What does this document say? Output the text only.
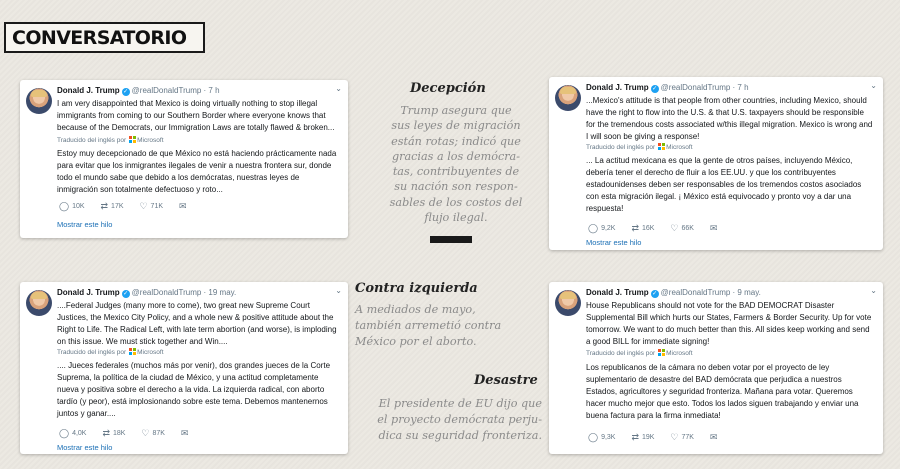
CONVERSATORIO
Donald J. Trump ✓ @realDonaldTrump · 7 h	⌄
I am very disappointed that Mexico is doing virtually nothing to stop illegal immigrants from coming to our Southern Border where everyone knows that because of the Democrats, our Immigration Laws are totally flawed & broken...
Traducido del inglés por Microsoft
Estoy muy decepcionado de que México no está haciendo prácticamente nada para evitar que los inmigrantes ilegales de venir a nuestra frontera sur, donde todo el mundo sabe que debido a los demócratas, nuestras leyes de inmigración son totalmente defectuoso y roto...
◯ 10K ⇄ 17K ♡ 71K ✉
Mostrar este hilo
Donald J. Trump ✓ @realDonaldTrump · 7 h	⌄
...Mexico's attitude is that people from other countries, including Mexico, should have the right to flow into the U.S. & that U.S. taxpayers should be responsible for the tremendous costs associated w/this illegal migration. Mexico is wrong and I will soon be giving a response!
Traducido del inglés por Microsoft
... La actitud mexicana es que la gente de otros países, incluyendo México, debería tener el derecho de fluir a los EE.UU. y que los contribuyentes estadounidenses deben ser responsables de los tremendos costos asociados con esta migración ilegal. ¡ México está equivocado y pronto voy a dar una respuesta!
◯ 9,2K ⇄ 16K ♡ 66K ✉
Mostrar este hilo
Donald J. Trump ✓ @realDonaldTrump · 19 may.	⌄
....Federal Judges (many more to come), two great new Supreme Court Justices, the Mexico City Policy, and a whole new & positive attitude about the Right to Life. The Radical Left, with late term abortion (and worse), is imploding on this issue. We must stick together and Win....
Traducido del inglés por Microsoft
.... Jueces federales (muchos más por venir), dos grandes jueces de la Corte Suprema, la política de la ciudad de México, y una actitud completamente nueva y positiva sobre el derecho a la vida. La izquierda radical, con aborto tardío (y peor), está implosionando sobre este tema. Debemos mantenernos juntos y ganar....
◯ 4,0K ⇄ 18K ♡ 87K ✉
Mostrar este hilo
Donald J. Trump ✓ @realDonaldTrump · 9 may.	⌄
House Republicans should not vote for the BAD DEMOCRAT Disaster Supplemental Bill which hurts our States, Farmers & Border Security. Up for vote tomorrow. We want to do much better than this. All sides keep working and send a good BILL for immediate signing!
Traducido del inglés por Microsoft
Los republicanos de la cámara no deben votar por el proyecto de ley suplementario de desastre del BAD demócrata que perjudica a nuestros Estados, agricultores y seguridad fronteriza. Mañana para votar. Queremos hacer mucho mejor que esto. Todos los lados siguen trabajando y enviar una buena factura para la firma inmediata!
◯ 9,3K ⇄ 19K ♡ 77K ✉
Decepción
Trump asegura que
sus leyes de migración
están rotas; indicó que
gracias a los demócra-
tas, contribuyentes de
su nación son respon-
sables de los costos del
flujo ilegal.
Contra izquierda
A mediados de mayo,
también arremetió contra
México por el aborto.
Desastre
El presidente de EU dijo que
el proyecto demócrata perju-
dica su seguridad fronteriza.
